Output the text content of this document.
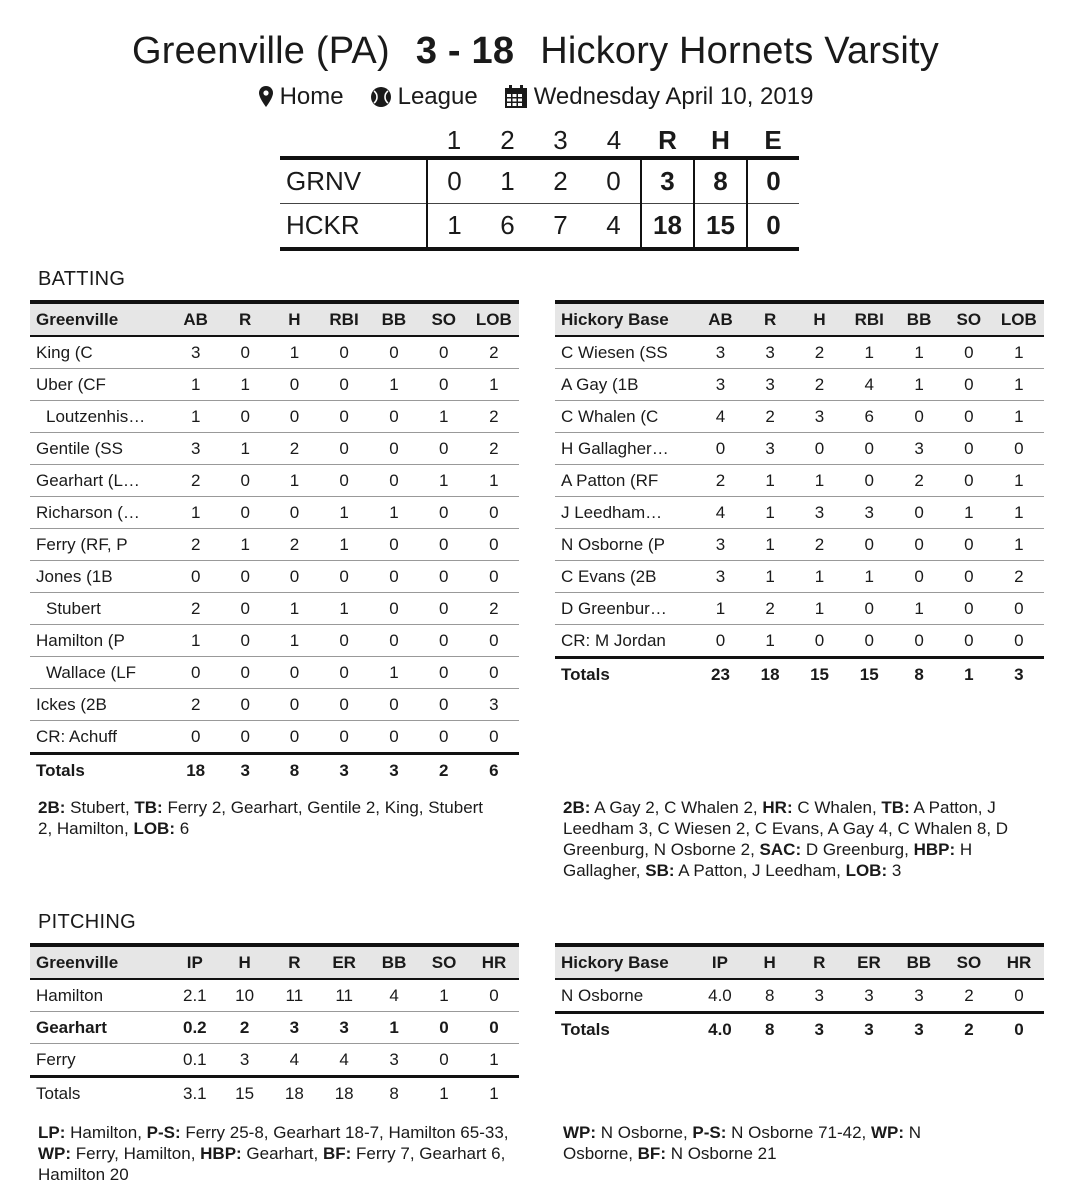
Greenville (PA) 3 - 18 Hickory Hornets Varsity
Home League Wednesday April 10, 2019
	1	2	3	4	R	H	E
GRNV	0	1	2	0	3	8	0
HCKR	1	6	7	4	18	15	0
BATTING
Greenville	AB	R	H	RBI	BB	SO	LOB
King (C	3	0	1	0	0	0	2
Uber (CF	1	1	0	0	1	0	1
Loutzenhis…	1	0	0	0	0	1	2
Gentile (SS	3	1	2	0	0	0	2
Gearhart (L…	2	0	1	0	0	1	1
Richarson (…	1	0	0	1	1	0	0
Ferry (RF, P	2	1	2	1	0	0	0
Jones (1B	0	0	0	0	0	0	0
Stubert	2	0	1	1	0	0	2
Hamilton (P	1	0	1	0	0	0	0
Wallace (LF	0	0	0	0	1	0	0
Ickes (2B	2	0	0	0	0	0	3
CR: Achuff	0	0	0	0	0	0	0
Totals	18	3	8	3	3	2	6
2B: Stubert, TB: Ferry 2, Gearhart, Gentile 2, King, Stubert 2, Hamilton, LOB: 6
Hickory Base	AB	R	H	RBI	BB	SO	LOB
C Wiesen (SS	3	3	2	1	1	0	1
A Gay (1B	3	3	2	4	1	0	1
C Whalen (C	4	2	3	6	0	0	1
H Gallagher…	0	3	0	0	3	0	0
A Patton (RF	2	1	1	0	2	0	1
J Leedham…	4	1	3	3	0	1	1
N Osborne (P	3	1	2	0	0	0	1
C Evans (2B	3	1	1	1	0	0	2
D Greenbur…	1	2	1	0	1	0	0
CR: M Jordan	0	1	0	0	0	0	0
Totals	23	18	15	15	8	1	3
2B: A Gay 2, C Whalen 2, HR: C Whalen, TB: A Patton, J Leedham 3, C Wiesen 2, C Evans, A Gay 4, C Whalen 8, D Greenburg, N Osborne 2, SAC: D Greenburg, HBP: H Gallagher, SB: A Patton, J Leedham, LOB: 3
PITCHING
Greenville	IP	H	R	ER	BB	SO	HR
Hamilton	2.1	10	11	11	4	1	0
Gearhart	0.2	2	3	3	1	0	0
Ferry	0.1	3	4	4	3	0	1
Totals	3.1	15	18	18	8	1	1
LP: Hamilton, P-S: Ferry 25-8, Gearhart 18-7, Hamilton 65-33, WP: Ferry, Hamilton, HBP: Gearhart, BF: Ferry 7, Gearhart 6, Hamilton 20
Hickory Base	IP	H	R	ER	BB	SO	HR
N Osborne	4.0	8	3	3	3	2	0
Totals	4.0	8	3	3	3	2	0
WP: N Osborne, P-S: N Osborne 71-42, WP: N Osborne, BF: N Osborne 21
